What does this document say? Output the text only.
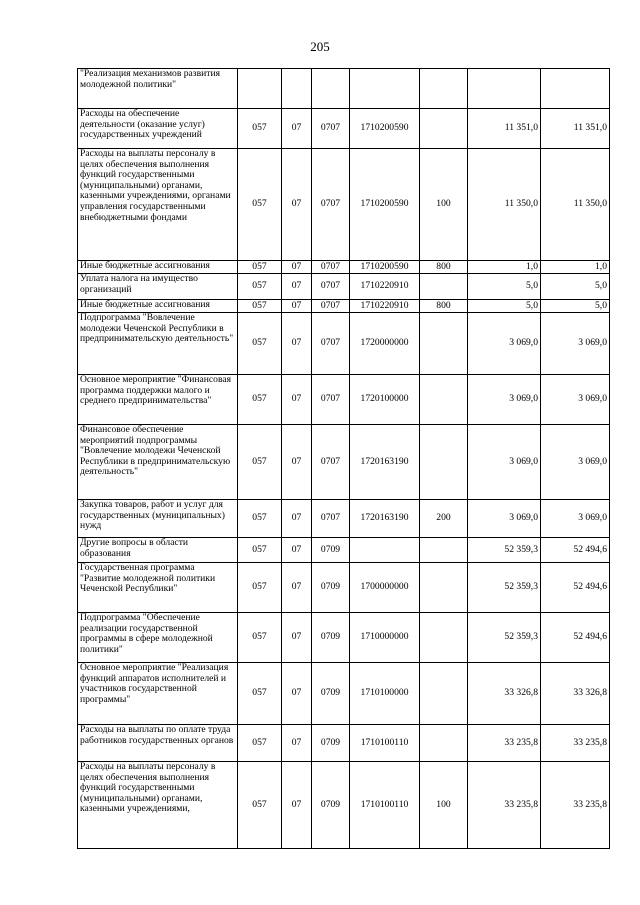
205
"Реализация механизмов развития молодежной политики"							
Расходы на обеспечение деятельности (оказание услуг) государственных учреждений	057	07	0707	1710200590		11 351,0	11 351,0
Расходы на выплаты персоналу в целях обеспечения выполнения функций государственными (муниципальными) органами, казенными учреждениями, органами управления государственными внебюджетными фондами	057	07	0707	1710200590	100	11 350,0	11 350,0
Иные бюджетные ассигнования	057	07	0707	1710200590	800	1,0	1,0
Уплата налога на имущество организаций	057	07	0707	1710220910		5,0	5,0
Иные бюджетные ассигнования	057	07	0707	1710220910	800	5,0	5,0
Подпрограмма "Вовлечение молодежи Чеченской Республики в предпринимательскую деятельность"	057	07	0707	1720000000		3 069,0	3 069,0
Основное мероприятие "Финансовая программа поддержки малого и среднего предпринимательства"	057	07	0707	1720100000		3 069,0	3 069,0
Финансовое обеспечение мероприятий подпрограммы "Вовлечение молодежи Чеченской Республики в предпринимательскую деятельность"	057	07	0707	1720163190		3 069,0	3 069,0
Закупка товаров, работ и услуг для государственных (муниципальных) нужд	057	07	0707	1720163190	200	3 069,0	3 069,0
Другие вопросы в области образования	057	07	0709			52 359,3	52 494,6
Государственная программа "Развитие молодежной политики Чеченской Республики"	057	07	0709	1700000000		52 359,3	52 494,6
Подпрограмма "Обеспечение реализации государственной программы в сфере молодежной политики"	057	07	0709	1710000000		52 359,3	52 494,6
Основное мероприятие "Реализация функций аппаратов исполнителей и участников государственной программы"	057	07	0709	1710100000		33 326,8	33 326,8
Расходы на выплаты по оплате труда работников государственных органов	057	07	0709	1710100110		33 235,8	33 235,8
Расходы на выплаты персоналу в целях обеспечения выполнения функций государственными (муниципальными) органами, казенными учреждениями,	057	07	0709	1710100110	100	33 235,8	33 235,8
